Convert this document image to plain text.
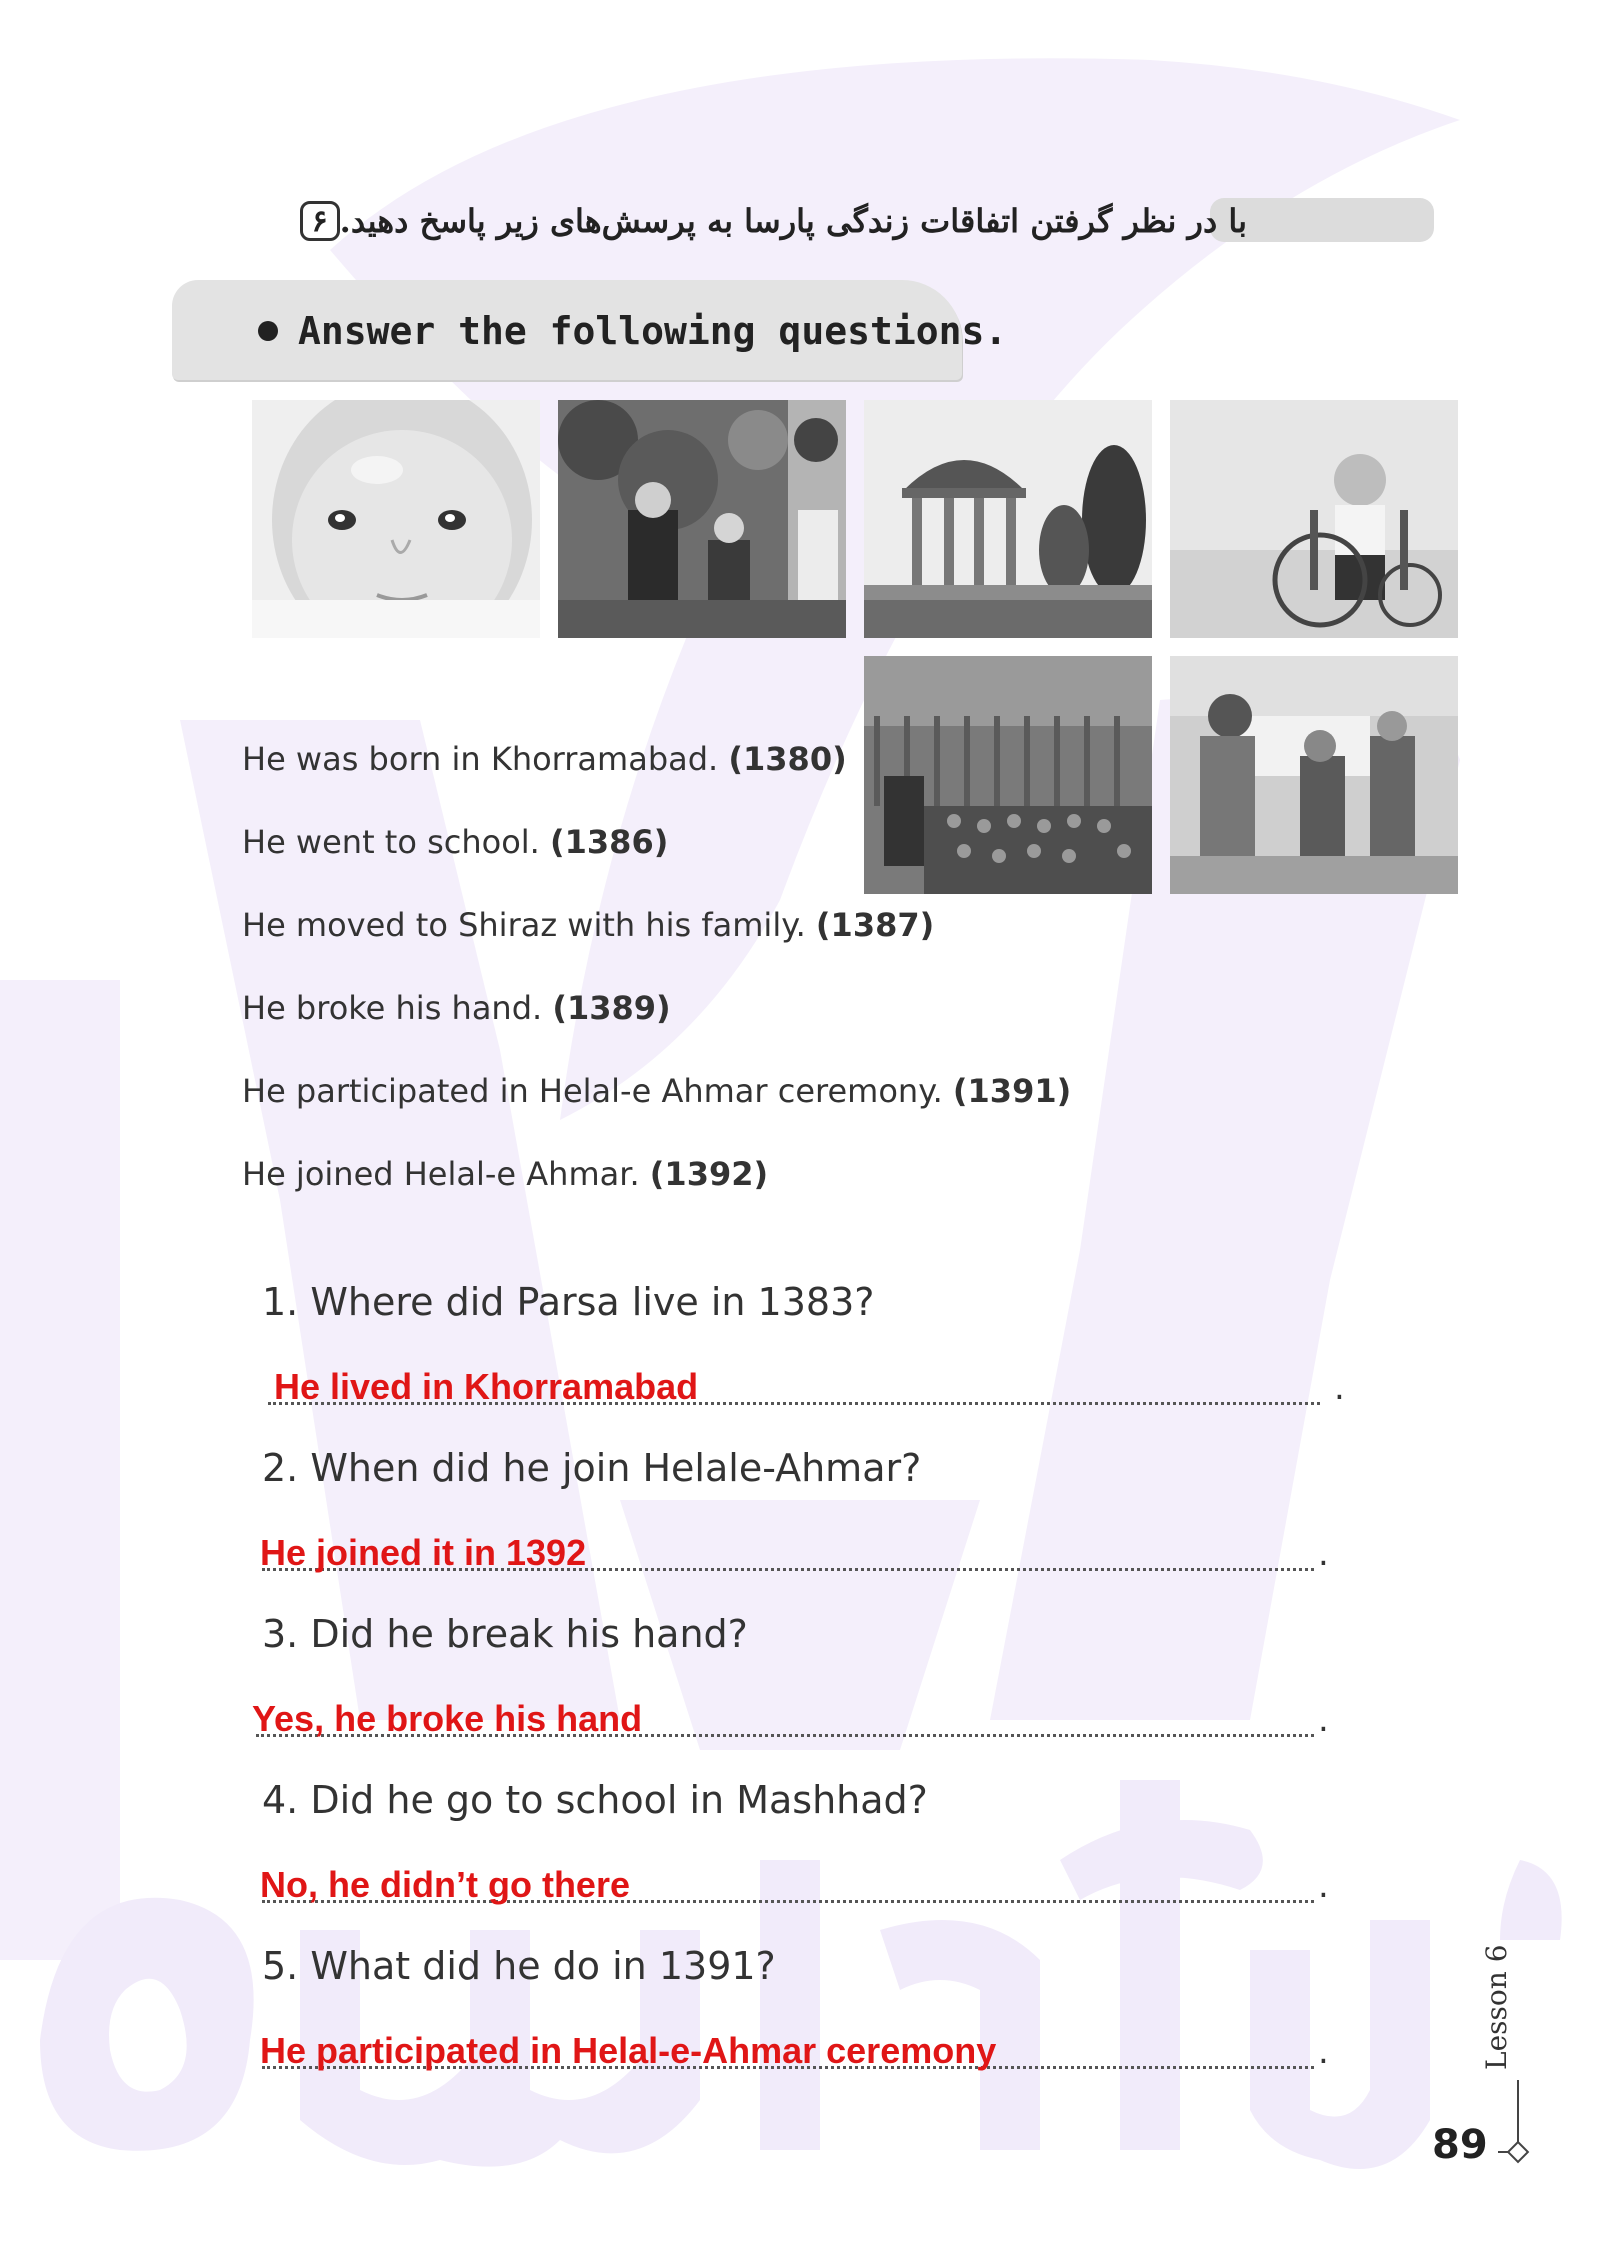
۶ با در نظر گرفتن اتفاقات زندگی پارسا به پرسش‌های زیر پاسخ دهید.
Answer the following questions.
He was born in Khorramabad. (1380)
He went to school. (1386)
He moved to Shiraz with his family. (1387)
He broke his hand. (1389)
He participated in Helal-e Ahmar ceremony. (1391)
He joined Helal-e Ahmar. (1392)
1. Where did Parsa live in 1383?
.
He lived in Khorramabad
2. When did he join Helale-Ahmar?
.
He joined it in 1392
3. Did he break his hand?
.
Yes, he broke his hand
4. Did he go to school in Mashhad?
.
No, he didn’t go there
5. What did he do in 1391?
.
He participated in Helal-e-Ahmar ceremony	Lesson 6
89
